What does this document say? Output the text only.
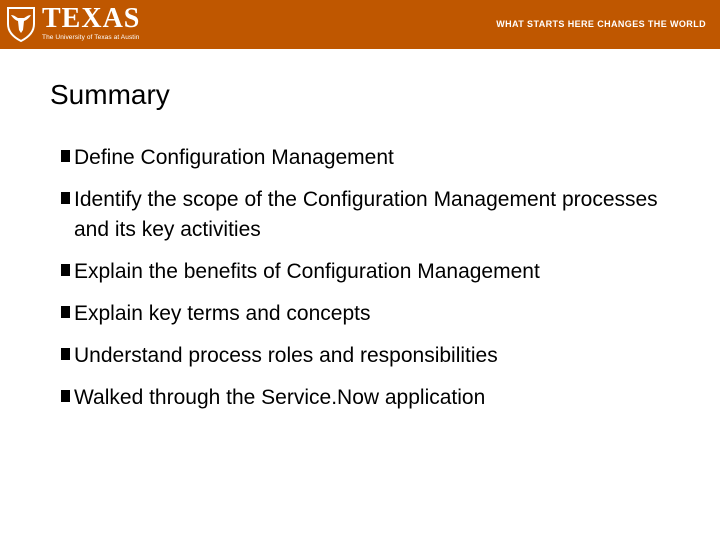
TEXAS
The University of Texas at Austin
WHAT STARTS HERE CHANGES THE WORLD
Summary
Define Configuration Management
Identify the scope of the Configuration Management processes and its key activities
Explain the benefits of Configuration Management
Explain key terms and concepts
Understand process roles and responsibilities
Walked through the Service.Now application
